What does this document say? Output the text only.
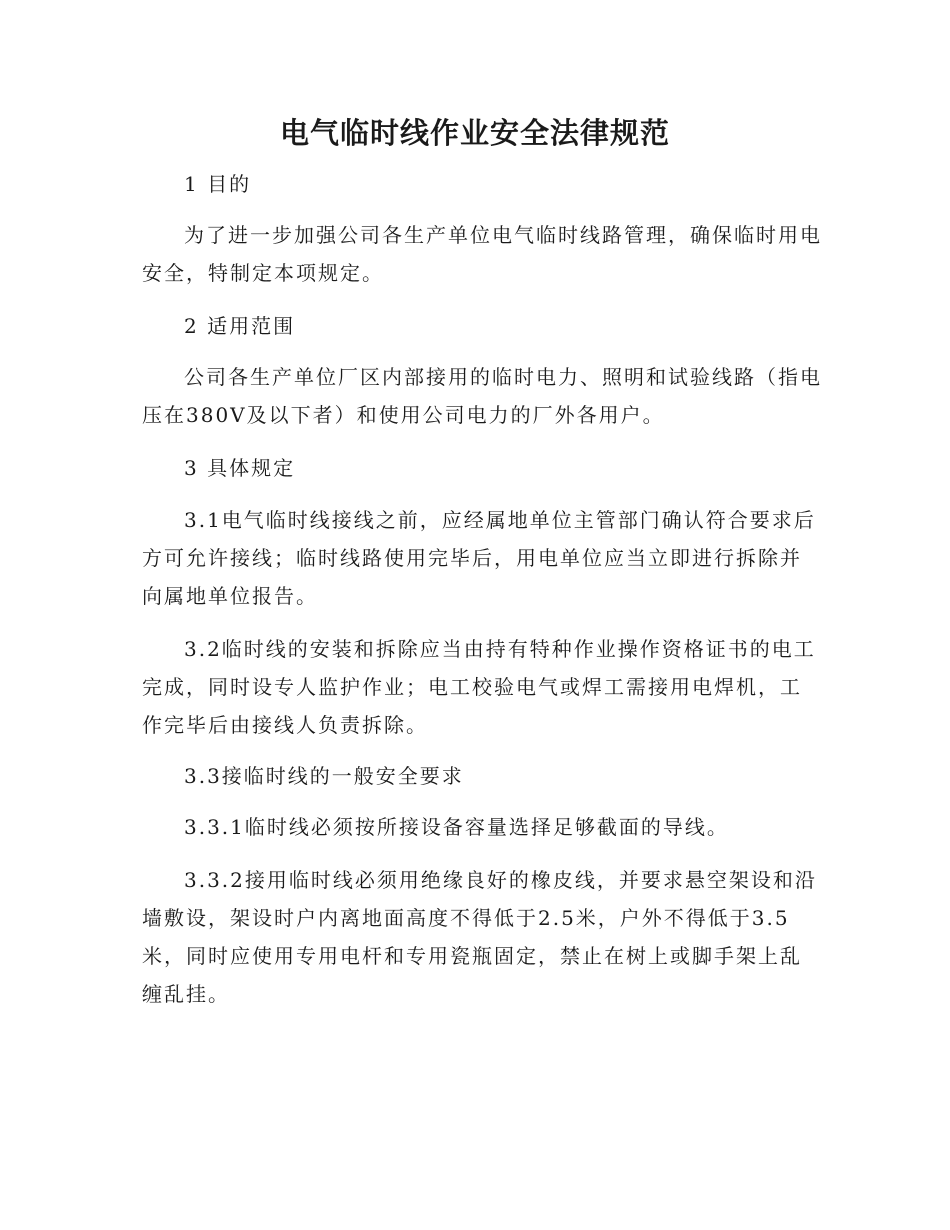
电气临时线作业安全法律规范

1 目的

为了进一步加强公司各生产单位电气临时线路管理，确保临时用电安全，特制定本项规定。

2 适用范围

公司各生产单位厂区内部接用的临时电力、照明和试验线路（指电压在380V及以下者）和使用公司电力的厂外各用户。

3 具体规定

3.1电气临时线接线之前，应经属地单位主管部门确认符合要求后方可允许接线；临时线路使用完毕后，用电单位应当立即进行拆除并向属地单位报告。

3.2临时线的安装和拆除应当由持有特种作业操作资格证书的电工完成，同时设专人监护作业；电工校验电气或焊工需接用电焊机，工作完毕后由接线人负责拆除。

3.3接临时线的一般安全要求

3.3.1临时线必须按所接设备容量选择足够截面的导线。

3.3.2接用临时线必须用绝缘良好的橡皮线，并要求悬空架设和沿墙敷设，架设时户内离地面高度不得低于2.5米，户外不得低于3.5米，同时应使用专用电杆和专用瓷瓶固定，禁止在树上或脚手架上乱缠乱挂。
